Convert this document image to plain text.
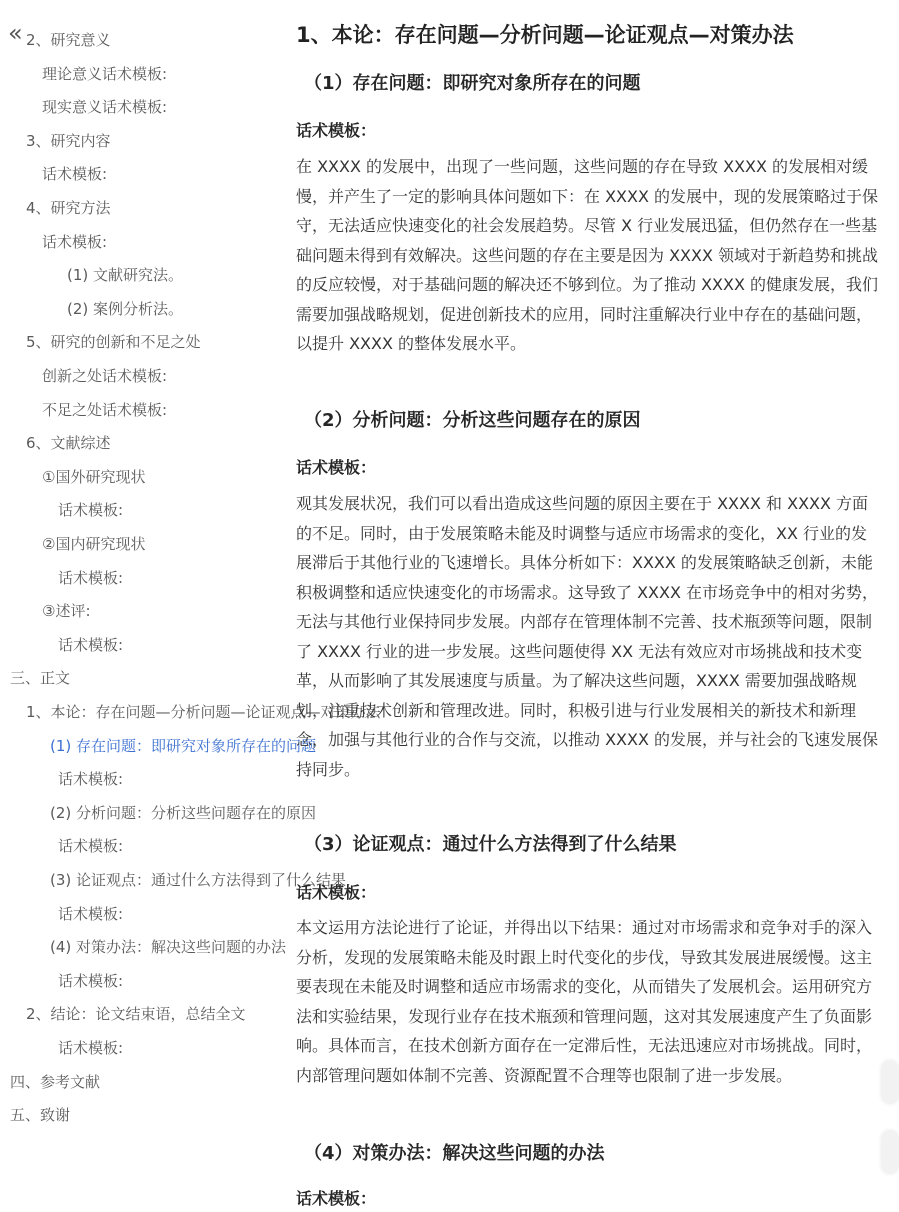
« 2、研究意义
理论意义话术模板:
现实意义话术模板:
3、研究内容
话术模板:
4、研究方法
话术模板:
(1) 文献研究法。
(2) 案例分析法。
5、研究的创新和不足之处
创新之处话术模板:
不足之处话术模板:
6、文献综述
①国外研究现状
话术模板:
②国内研究现状
话术模板:
③述评:
话术模板:
三、正文
1、本论：存在问题—分析问题—论证观点—对策办法
(1) 存在问题：即研究对象所存在的问题
话术模板:
(2) 分析问题：分析这些问题存在的原因
话术模板:
(3) 论证观点：通过什么方法得到了什么结果
话术模板:
(4) 对策办法：解决这些问题的办法
话术模板:
2、结论：论文结束语，总结全文
话术模板:
四、参考文献
五、致谢
1、本论：存在问题—分析问题—论证观点—对策办法
（1）存在问题：即研究对象所存在的问题
话术模板：

在 XXXX 的发展中，出现了一些问题，这些问题的存在导致 XXXX 的发展相对缓慢，并产生了一定的影响具体问题如下：在 XXXX 的发展中，现的发展策略过于保守，无法适应快速变化的社会发展趋势。尽管 X 行业发展迅猛，但仍然存在一些基础问题未得到有效解决。这些问题的存在主要是因为 XXXX 领域对于新趋势和挑战的反应较慢，对于基础问题的解决还不够到位。为了推动 XXXX 的健康发展，我们需要加强战略规划，促进创新技术的应用，同时注重解决行业中存在的基础问题，以提升 XXXX 的整体发展水平。

（2）分析问题：分析这些问题存在的原因
话术模板：

观其发展状况，我们可以看出造成这些问题的原因主要在于 XXXX 和 XXXX 方面的不足。同时，由于发展策略未能及时调整与适应市场需求的变化，XX 行业的发展滞后于其他行业的飞速增长。具体分析如下：XXXX 的发展策略缺乏创新，未能积极调整和适应快速变化的市场需求。这导致了 XXXX 在市场竞争中的相对劣势，无法与其他行业保持同步发展。内部存在管理体制不完善、技术瓶颈等问题，限制了 XXXX 行业的进一步发展。这些问题使得 XX 无法有效应对市场挑战和技术变革，从而影响了其发展速度与质量。为了解决这些问题，XXXX 需要加强战略规划，注重技术创新和管理改进。同时，积极引进与行业发展相关的新技术和新理念，加强与其他行业的合作与交流，以推动 XXXX 的发展，并与社会的飞速发展保持同步。

（3）论证观点：通过什么方法得到了什么结果
话术模板：

本文运用方法论进行了论证，并得出以下结果：通过对市场需求和竞争对手的深入分析，发现的发展策略未能及时跟上时代变化的步伐，导致其发展进展缓慢。这主要表现在未能及时调整和适应市场需求的变化，从而错失了发展机会。运用研究方法和实验结果，发现行业存在技术瓶颈和管理问题，这对其发展速度产生了负面影响。具体而言，在技术创新方面存在一定滞后性，无法迅速应对市场挑战。同时，内部管理问题如体制不完善、资源配置不合理等也限制了进一步发展。

（4）对策办法：解决这些问题的办法
话术模板：
